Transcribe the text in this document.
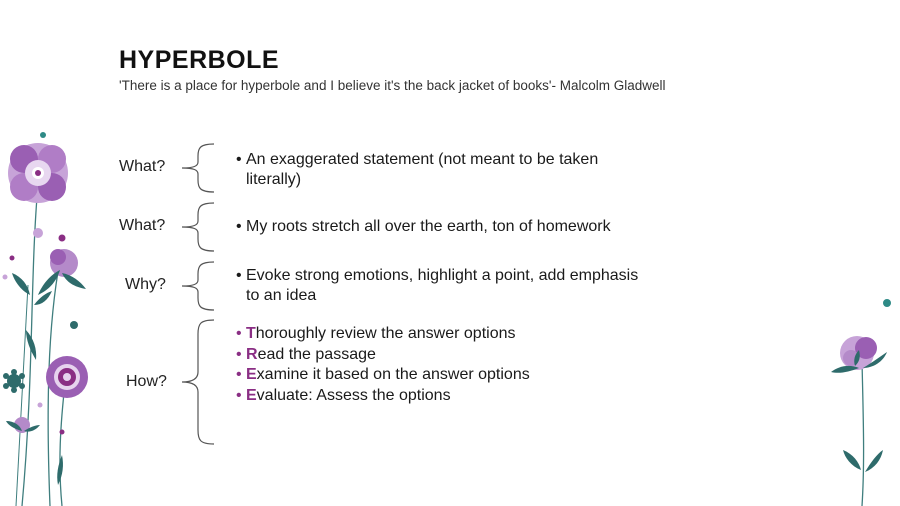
HYPERBOLE
'There is a place for hyperbole and I believe it's the back jacket of books'- Malcolm Gladwell
What?	• An exaggerated statement (not meant to be taken
literally)
What?	• My roots stretch all over the earth, ton of homework
Why?
• Evoke strong emotions, highlight a point, add emphasis
to an idea
How?
• Thoroughly review the answer options
• Read the passage
• Examine it based on the answer options
• Evaluate: Assess the options
